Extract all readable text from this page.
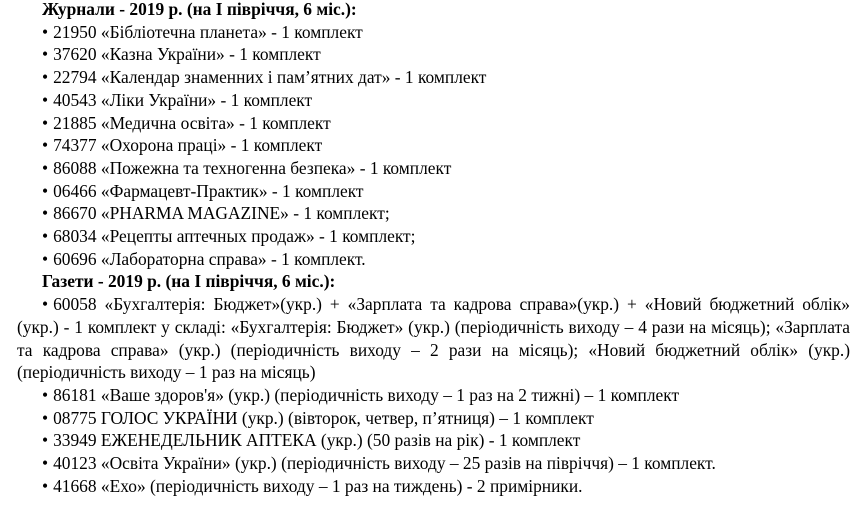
Журнали - 2019 р. (на І півріччя, 6 міс.):
• 21950 «Бібліотечна планета» - 1 комплект
• 37620 «Казна України» - 1 комплект
• 22794 «Календар знаменних і пам’ятних дат» - 1 комплект
• 40543 «Ліки України» - 1 комплект
• 21885 «Медична освіта» - 1 комплект
• 74377 «Охорона праці» - 1 комплект
• 86088 «Пожежна та техногенна безпека» - 1 комплект
• 06466 «Фармацевт-Практик» - 1 комплект
• 86670 «PHARMA MAGAZINE» - 1 комплект;
• 68034 «Рецепты аптечных продаж» - 1 комплект;
• 60696 «Лабораторна справа» - 1 комплект.
Газети - 2019 р. (на І півріччя, 6 міс.):
• 60058 «Бухгалтерія: Бюджет»(укр.) + «Зарплата та кадрова справа»(укр.) + «Новий бюджетний облік» (укр.) - 1 комплект у складі: «Бухгалтерія: Бюджет» (укр.) (періодичність виходу – 4 рази на місяць); «Зарплата та кадрова справа» (укр.) (періодичність виходу – 2 рази на місяць); «Новий бюджетний облік» (укр.) (періодичність виходу – 1 раз на місяць)
• 86181 «Ваше здоров'я» (укр.) (періодичність виходу – 1 раз на 2 тижні) – 1 комплект
• 08775 ГОЛОС УКРАЇНИ (укр.) (вівторок, четвер, п’ятниця) – 1 комплект
• 33949 ЕЖЕНЕДЕЛЬНИК АПТЕКА (укр.) (50 разів на рік) - 1 комплект
• 40123 «Освіта України» (укр.) (періодичність виходу – 25 разів на півріччя) – 1 комплект.
• 41668 «Ехо» (періодичність виходу – 1 раз на тиждень) - 2 примірники.
